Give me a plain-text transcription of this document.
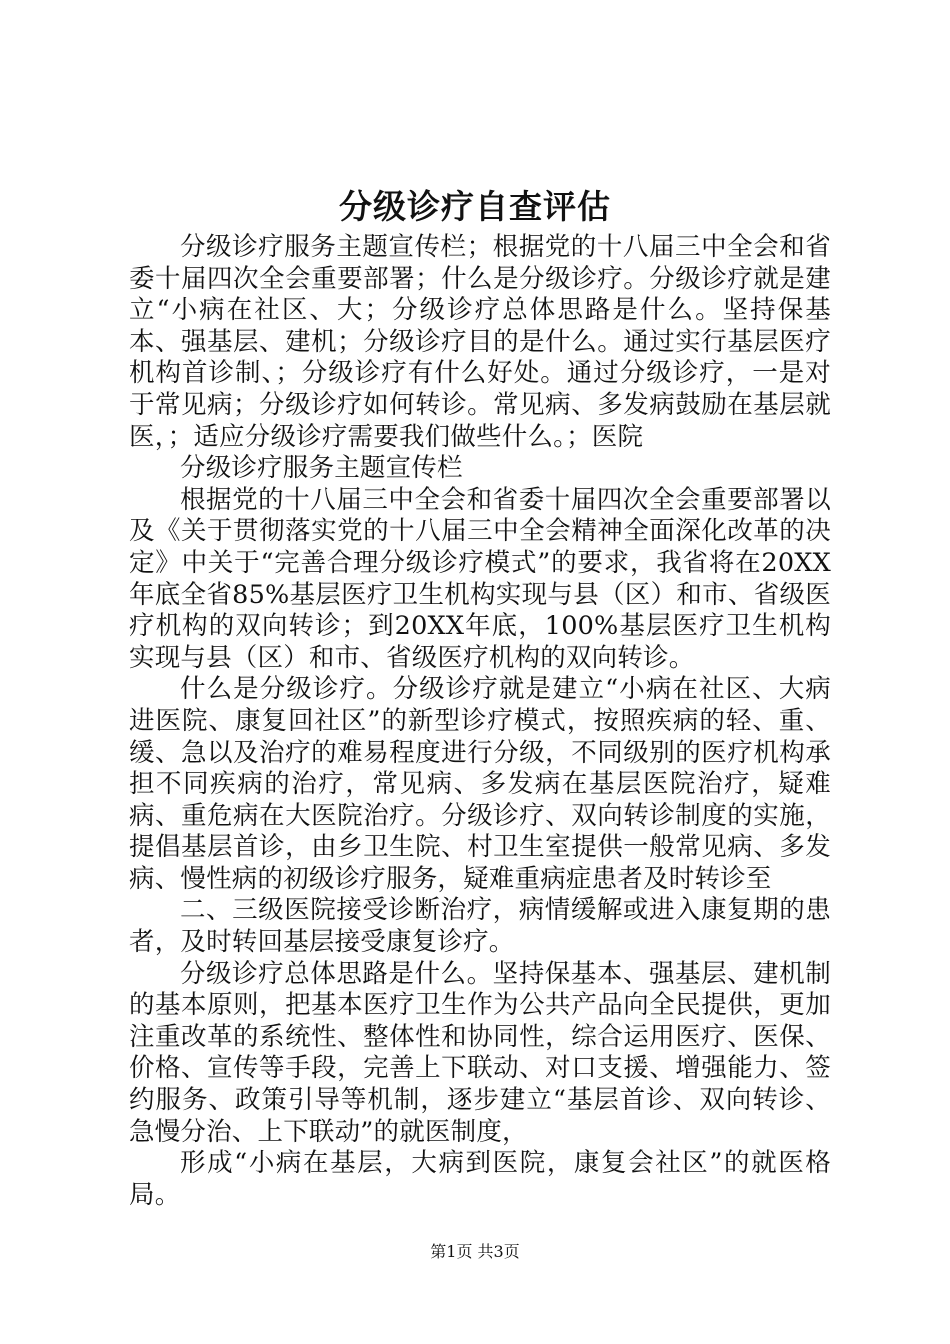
分级诊疗自查评估

分级诊疗服务主题宣传栏；根据党的十八届三中全会和省委十届四次全会重要部署；什么是分级诊疗。分级诊疗就是建立“小病在社区、大；分级诊疗总体思路是什么。坚持保基本、强基层、建机；分级诊疗目的是什么。通过实行基层医疗机构首诊制、；分级诊疗有什么好处。通过分级诊疗，一是对于常见病；分级诊疗如何转诊。常见病、多发病鼓励在基层就医，；适应分级诊疗需要我们做些什么。；医院

分级诊疗服务主题宣传栏

根据党的十八届三中全会和省委十届四次全会重要部署以及《关于贯彻落实党的十八届三中全会精神全面深化改革的决定》中关于“完善合理分级诊疗模式”的要求，我省将在20XX年底全省85%基层医疗卫生机构实现与县（区）和市、省级医疗机构的双向转诊；到20XX年底，100%基层医疗卫生机构实现与县（区）和市、省级医疗机构的双向转诊。

什么是分级诊疗。分级诊疗就是建立“小病在社区、大病进医院、康复回社区”的新型诊疗模式，按照疾病的轻、重、缓、急以及治疗的难易程度进行分级，不同级别的医疗机构承担不同疾病的治疗，常见病、多发病在基层医院治疗，疑难病、重危病在大医院治疗。分级诊疗、双向转诊制度的实施，提倡基层首诊，由乡卫生院、村卫生室提供一般常见病、多发病、慢性病的初级诊疗服务，疑难重病症患者及时转诊至

二、三级医院接受诊断治疗，病情缓解或进入康复期的患者，及时转回基层接受康复诊疗。

分级诊疗总体思路是什么。坚持保基本、强基层、建机制的基本原则，把基本医疗卫生作为公共产品向全民提供，更加注重改革的系统性、整体性和协同性，综合运用医疗、医保、价格、宣传等手段，完善上下联动、对口支援、增强能力、签约服务、政策引导等机制，逐步建立“基层首诊、双向转诊、急慢分治、上下联动”的就医制度，

形成“小病在基层，大病到医院，康复会社区”的就医格局。

第1页 共3页
